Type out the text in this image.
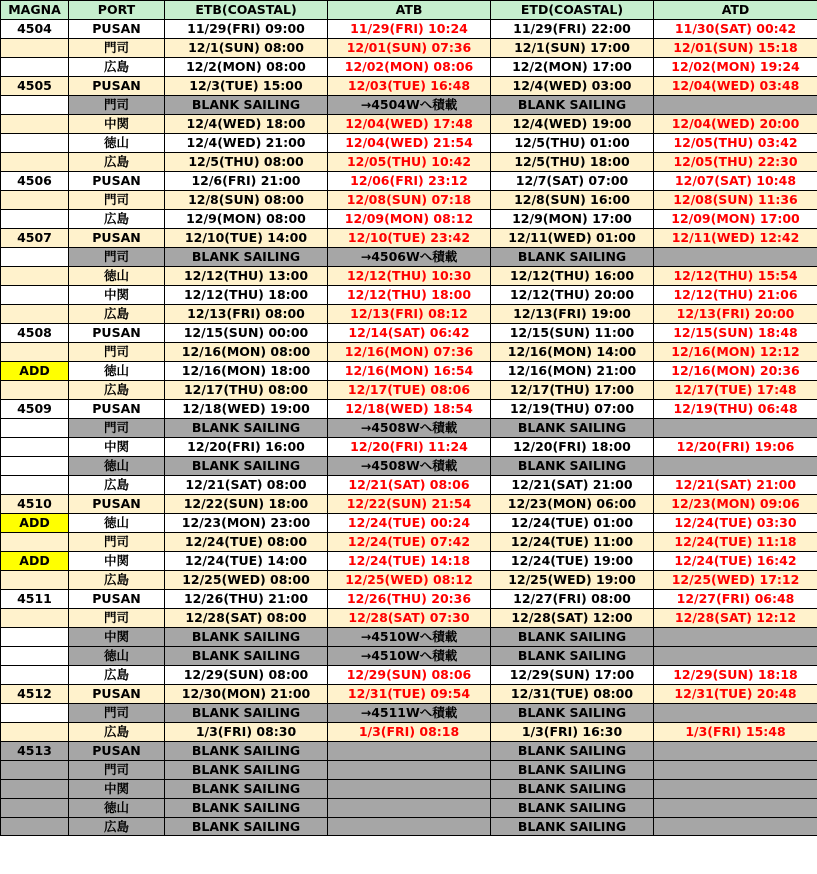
MAGNA	PORT	ETB(COASTAL)	ATB	ETD(COASTAL)	ATD
4504	PUSAN	11/29(FRI) 09:00	11/29(FRI) 10:24	11/29(FRI) 22:00	11/30(SAT) 00:42
	門司	12/1(SUN) 08:00	12/01(SUN) 07:36	12/1(SUN) 17:00	12/01(SUN) 15:18
	広島	12/2(MON) 08:00	12/02(MON) 08:06	12/2(MON) 17:00	12/02(MON) 19:24
4505	PUSAN	12/3(TUE) 15:00	12/03(TUE) 16:48	12/4(WED) 03:00	12/04(WED) 03:48
	門司	BLANK SAILING	→4504Wへ積載	BLANK SAILING	
	中関	12/4(WED) 18:00	12/04(WED) 17:48	12/4(WED) 19:00	12/04(WED) 20:00
	徳山	12/4(WED) 21:00	12/04(WED) 21:54	12/5(THU) 01:00	12/05(THU) 03:42
	広島	12/5(THU) 08:00	12/05(THU) 10:42	12/5(THU) 18:00	12/05(THU) 22:30
4506	PUSAN	12/6(FRI) 21:00	12/06(FRI) 23:12	12/7(SAT) 07:00	12/07(SAT) 10:48
	門司	12/8(SUN) 08:00	12/08(SUN) 07:18	12/8(SUN) 16:00	12/08(SUN) 11:36
	広島	12/9(MON) 08:00	12/09(MON) 08:12	12/9(MON) 17:00	12/09(MON) 17:00
4507	PUSAN	12/10(TUE) 14:00	12/10(TUE) 23:42	12/11(WED) 01:00	12/11(WED) 12:42
	門司	BLANK SAILING	→4506Wへ積載	BLANK SAILING	
	徳山	12/12(THU) 13:00	12/12(THU) 10:30	12/12(THU) 16:00	12/12(THU) 15:54
	中関	12/12(THU) 18:00	12/12(THU) 18:00	12/12(THU) 20:00	12/12(THU) 21:06
	広島	12/13(FRI) 08:00	12/13(FRI) 08:12	12/13(FRI) 19:00	12/13(FRI) 20:00
4508	PUSAN	12/15(SUN) 00:00	12/14(SAT) 06:42	12/15(SUN) 11:00	12/15(SUN) 18:48
	門司	12/16(MON) 08:00	12/16(MON) 07:36	12/16(MON) 14:00	12/16(MON) 12:12
ADD	徳山	12/16(MON) 18:00	12/16(MON) 16:54	12/16(MON) 21:00	12/16(MON) 20:36
	広島	12/17(THU) 08:00	12/17(TUE) 08:06	12/17(THU) 17:00	12/17(TUE) 17:48
4509	PUSAN	12/18(WED) 19:00	12/18(WED) 18:54	12/19(THU) 07:00	12/19(THU) 06:48
	門司	BLANK SAILING	→4508Wへ積載	BLANK SAILING	
	中関	12/20(FRI) 16:00	12/20(FRI) 11:24	12/20(FRI) 18:00	12/20(FRI) 19:06
	徳山	BLANK SAILING	→4508Wへ積載	BLANK SAILING	
	広島	12/21(SAT) 08:00	12/21(SAT) 08:06	12/21(SAT) 21:00	12/21(SAT) 21:00
4510	PUSAN	12/22(SUN) 18:00	12/22(SUN) 21:54	12/23(MON) 06:00	12/23(MON) 09:06
ADD	徳山	12/23(MON) 23:00	12/24(TUE) 00:24	12/24(TUE) 01:00	12/24(TUE) 03:30
	門司	12/24(TUE) 08:00	12/24(TUE) 07:42	12/24(TUE) 11:00	12/24(TUE) 11:18
ADD	中関	12/24(TUE) 14:00	12/24(TUE) 14:18	12/24(TUE) 19:00	12/24(TUE) 16:42
	広島	12/25(WED) 08:00	12/25(WED) 08:12	12/25(WED) 19:00	12/25(WED) 17:12
4511	PUSAN	12/26(THU) 21:00	12/26(THU) 20:36	12/27(FRI) 08:00	12/27(FRI) 06:48
	門司	12/28(SAT) 08:00	12/28(SAT) 07:30	12/28(SAT) 12:00	12/28(SAT) 12:12
	中関	BLANK SAILING	→4510Wへ積載	BLANK SAILING	
	徳山	BLANK SAILING	→4510Wへ積載	BLANK SAILING	
	広島	12/29(SUN) 08:00	12/29(SUN) 08:06	12/29(SUN) 17:00	12/29(SUN) 18:18
4512	PUSAN	12/30(MON) 21:00	12/31(TUE) 09:54	12/31(TUE) 08:00	12/31(TUE) 20:48
	門司	BLANK SAILING	→4511Wへ積載	BLANK SAILING	
	広島	1/3(FRI) 08:30	1/3(FRI) 08:18	1/3(FRI) 16:30	1/3(FRI) 15:48
4513	PUSAN	BLANK SAILING		BLANK SAILING	
	門司	BLANK SAILING		BLANK SAILING	
	中関	BLANK SAILING		BLANK SAILING	
	徳山	BLANK SAILING		BLANK SAILING	
	広島	BLANK SAILING		BLANK SAILING	
